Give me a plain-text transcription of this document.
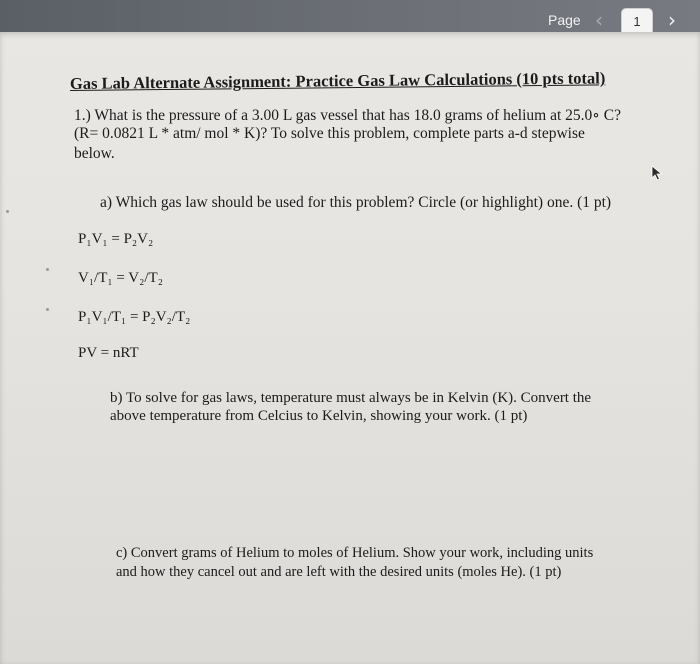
Page ‹	1	›
Gas Lab Alternate Assignment: Practice Gas Law Calculations (10 pts total)
1.) What is the pressure of a 3.00 L gas vessel that has 18.0 grams of helium at 25.0∘ C?
(R= 0.0821 L * atm/ mol * K)? To solve this problem, complete parts a-d stepwise
below.
a) Which gas law should be used for this problem? Circle (or highlight) one. (1 pt)
P₁V₁ = P₂V₂
V₁/T₁ = V₂/T₂
P₁V₁/T₁ = P₂V₂/T₂
PV = nRT
b) To solve for gas laws, temperature must always be in Kelvin (K). Convert the
above temperature from Celcius to Kelvin, showing your work. (1 pt)
c) Convert grams of Helium to moles of Helium. Show your work, including units
and how they cancel out and are left with the desired units (moles He). (1 pt)
